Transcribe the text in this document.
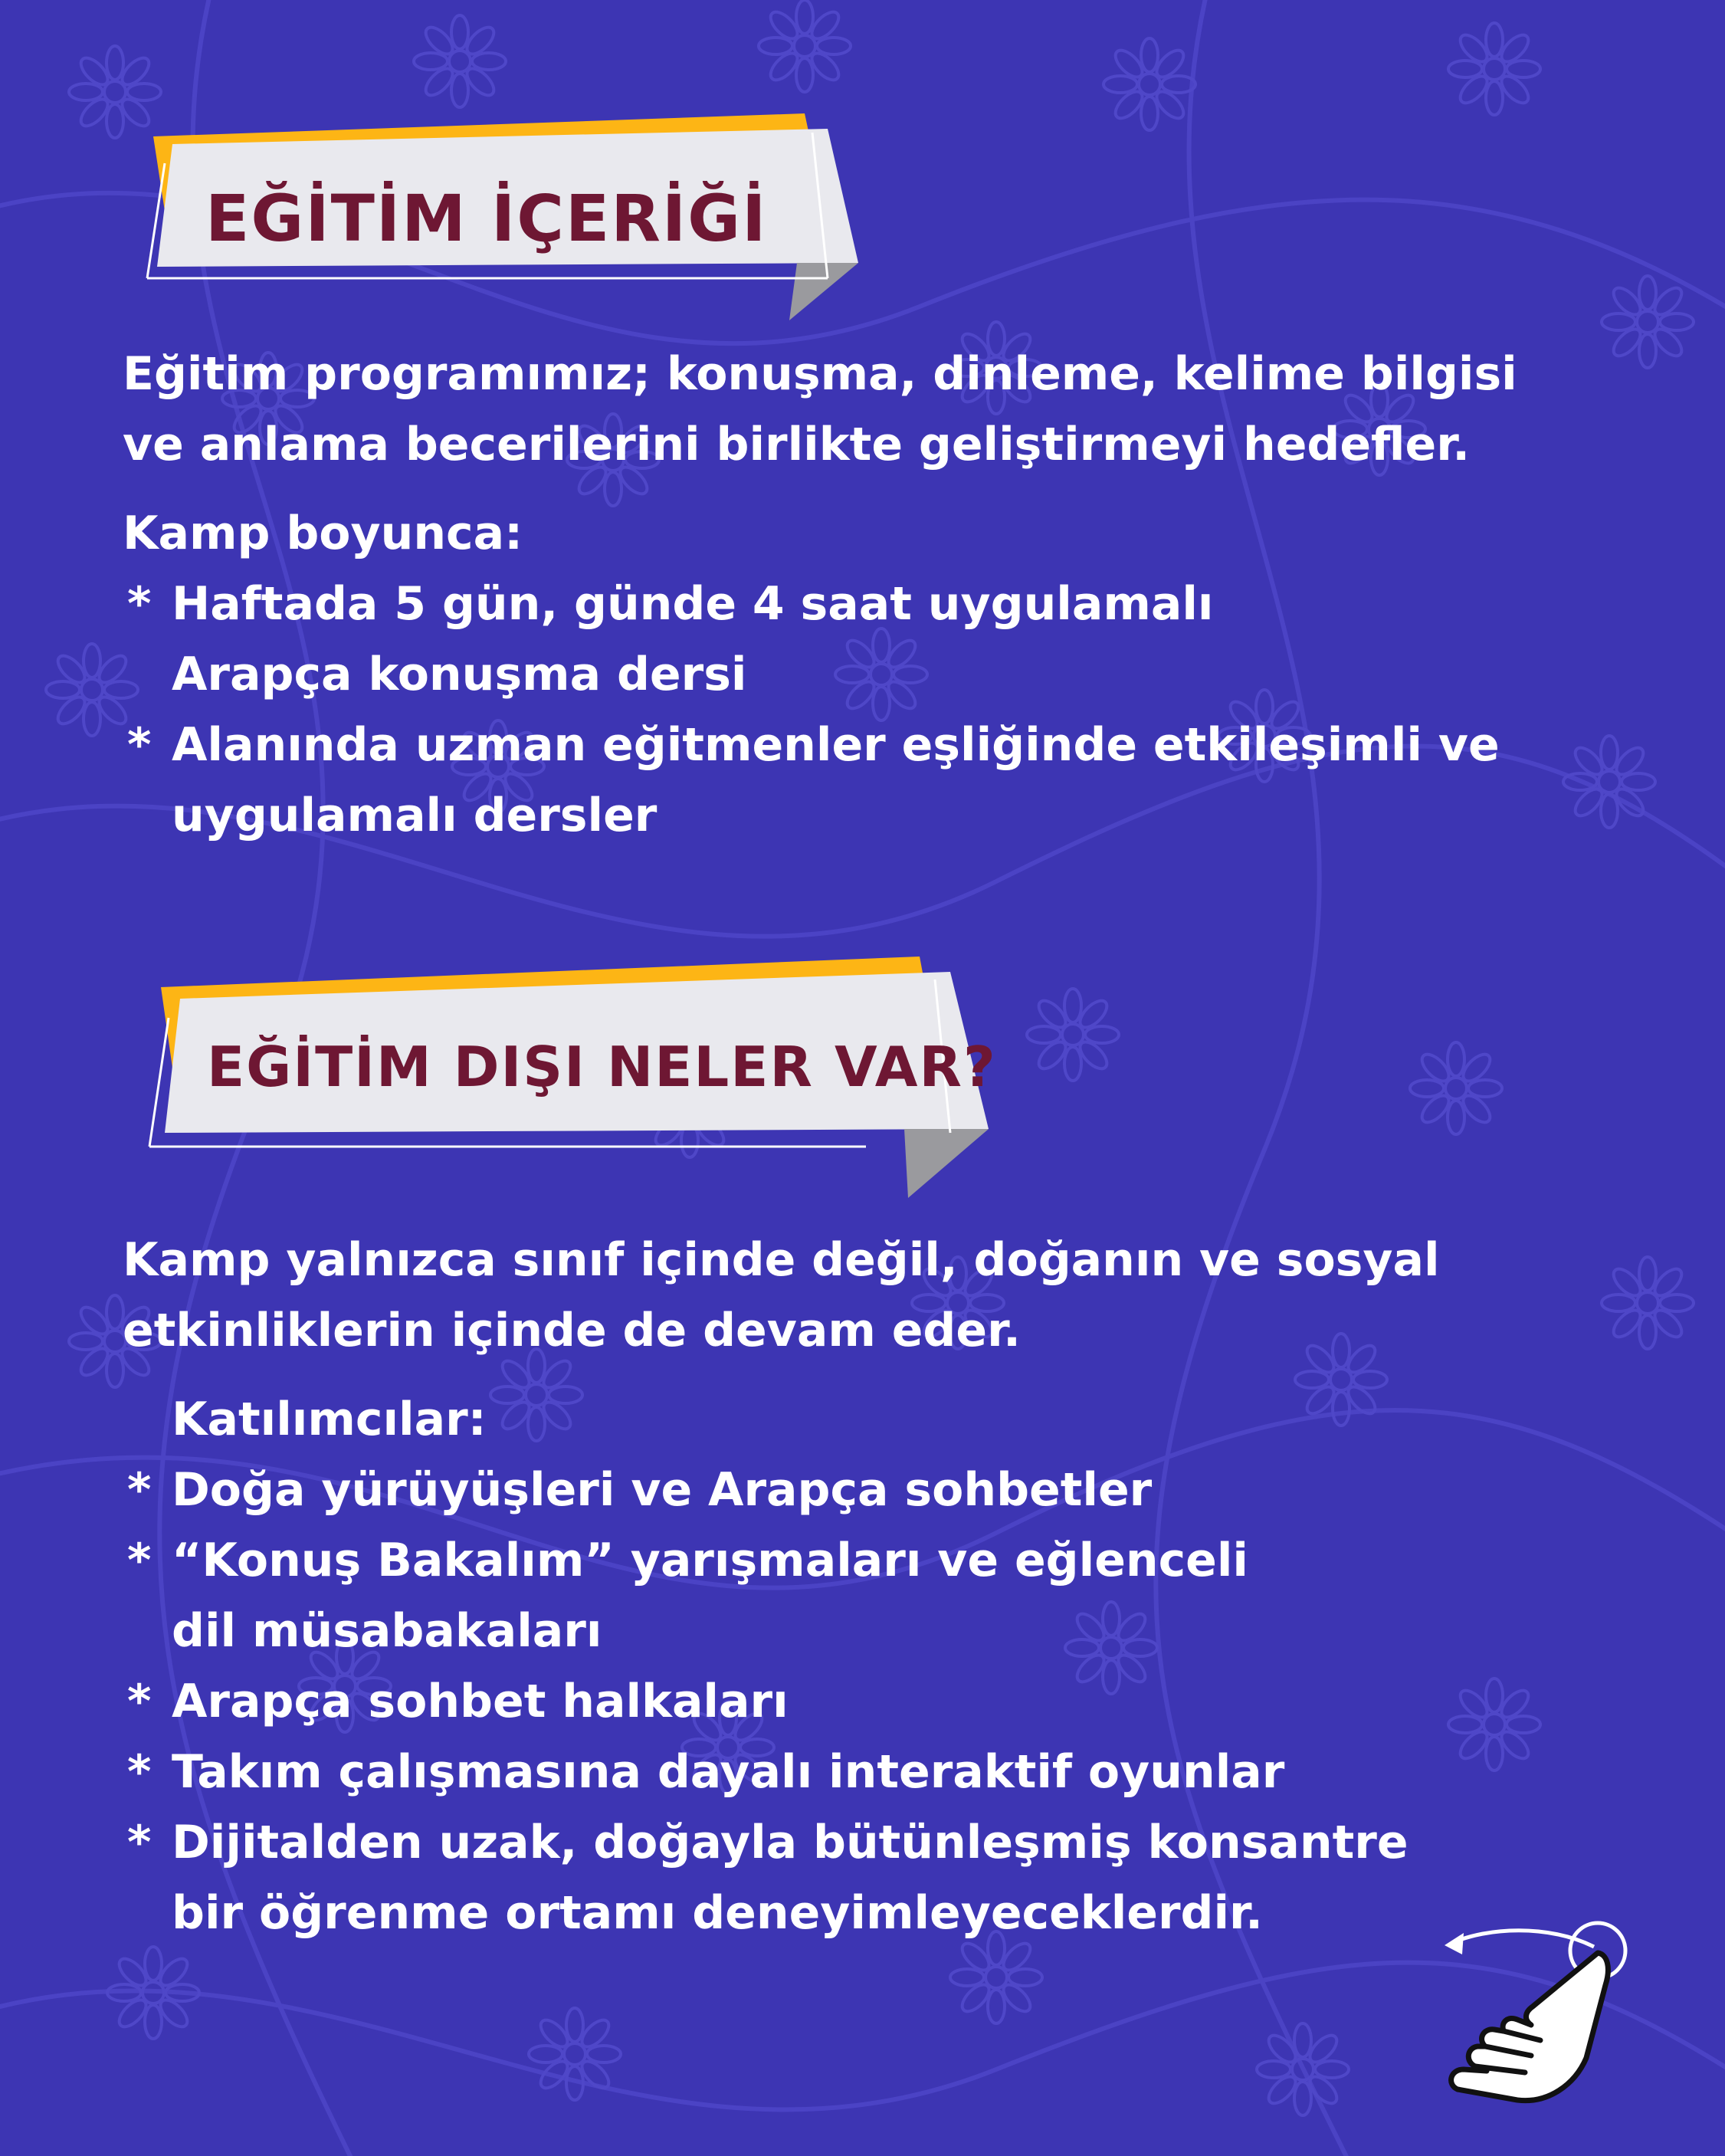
EĞİTİM İÇERİĞİ
Eğitim programımız; konuşma, dinleme, kelime bilgisi
ve anlama becerilerini birlikte geliştirmeyi hedefler.
Kamp boyunca:
* Haftada 5 gün, günde 4 saat uygulamalı
Arapça konuşma dersi
* Alanında uzman eğitmenler eşliğinde etkileşimli ve
uygulamalı dersler
EĞİTİM DIŞI NELER VAR?
Kamp yalnızca sınıf içinde değil, doğanın ve sosyal
etkinliklerin içinde de devam eder.
Katılımcılar:
* Doğa yürüyüşleri ve Arapça sohbetler
* “Konuş Bakalım” yarışmaları ve eğlenceli
dil müsabakaları
* Arapça sohbet halkaları
* Takım çalışmasına dayalı interaktif oyunlar
* Dijitalden uzak, doğayla bütünleşmiş konsantre
bir öğrenme ortamı deneyimleyeceklerdir.
